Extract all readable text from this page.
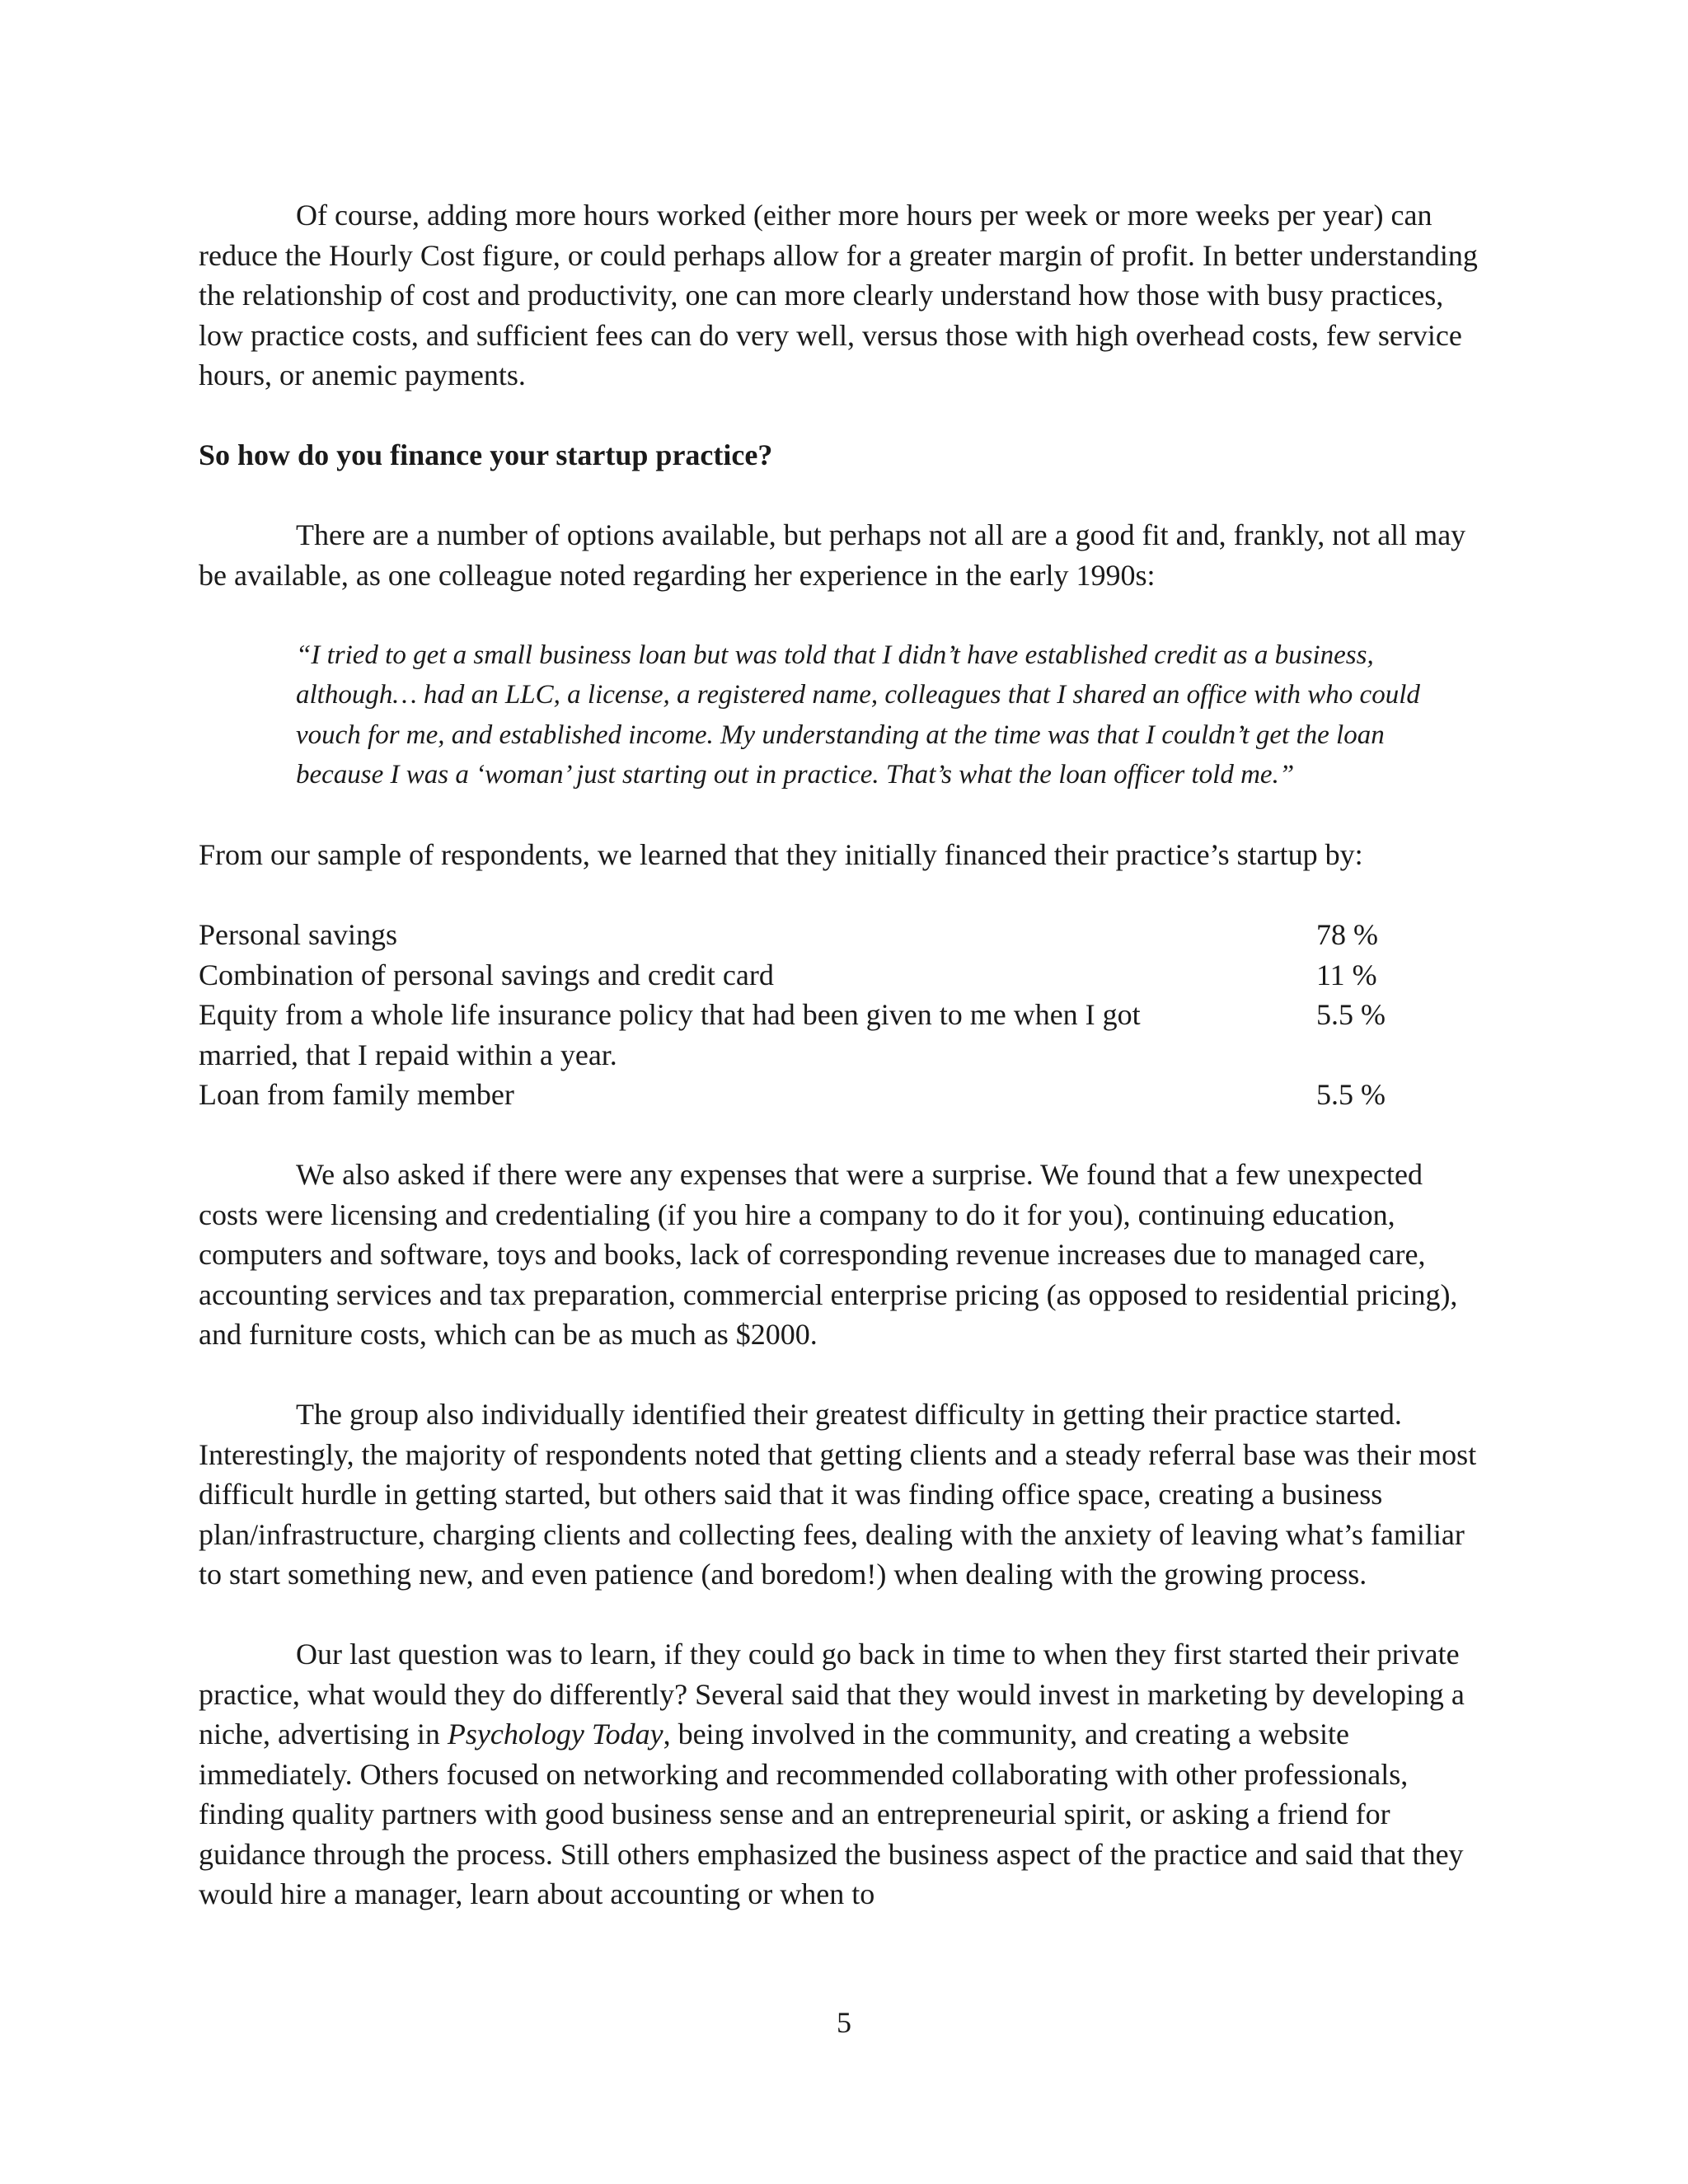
Of course, adding more hours worked (either more hours per week or more weeks per year) can reduce the Hourly Cost figure, or could perhaps allow for a greater margin of profit. In better understanding the relationship of cost and productivity, one can more clearly understand how those with busy practices, low practice costs, and sufficient fees can do very well, versus those with high overhead costs, few service hours, or anemic payments.

So how do you finance your startup practice?

There are a number of options available, but perhaps not all are a good fit and, frankly, not all may be available, as one colleague noted regarding her experience in the early 1990s:

“I tried to get a small business loan but was told that I didn’t have established credit as a business, although… had an LLC, a license, a registered name, colleagues that I shared an office with who could vouch for me, and established income. My understanding at the time was that I couldn’t get the loan because I was a ‘woman’ just starting out in practice. That’s what the loan officer told me.”

From our sample of respondents, we learned that they initially financed their practice’s startup by:

Personal savings	78 %

Combination of personal savings and credit card	11 %

Equity from a whole life insurance policy that had been given to me when I got married, that I repaid within a year.	5.5 %

Loan from family member	5.5 %

We also asked if there were any expenses that were a surprise. We found that a few unexpected costs were licensing and credentialing (if you hire a company to do it for you), continuing education, computers and software, toys and books, lack of corresponding revenue increases due to managed care, accounting services and tax preparation, commercial enterprise pricing (as opposed to residential pricing), and furniture costs, which can be as much as $2000.

The group also individually identified their greatest difficulty in getting their practice started. Interestingly, the majority of respondents noted that getting clients and a steady referral base was their most difficult hurdle in getting started, but others said that it was finding office space, creating a business plan/infrastructure, charging clients and collecting fees, dealing with the anxiety of leaving what’s familiar to start something new, and even patience (and boredom!) when dealing with the growing process.

Our last question was to learn, if they could go back in time to when they first started their private practice, what would they do differently? Several said that they would invest in marketing by developing a niche, advertising in Psychology Today, being involved in the community, and creating a website immediately. Others focused on networking and recommended collaborating with other professionals, finding quality partners with good business sense and an entrepreneurial spirit, or asking a friend for guidance through the process. Still others emphasized the business aspect of the practice and said that they would hire a manager, learn about accounting or when to

5
